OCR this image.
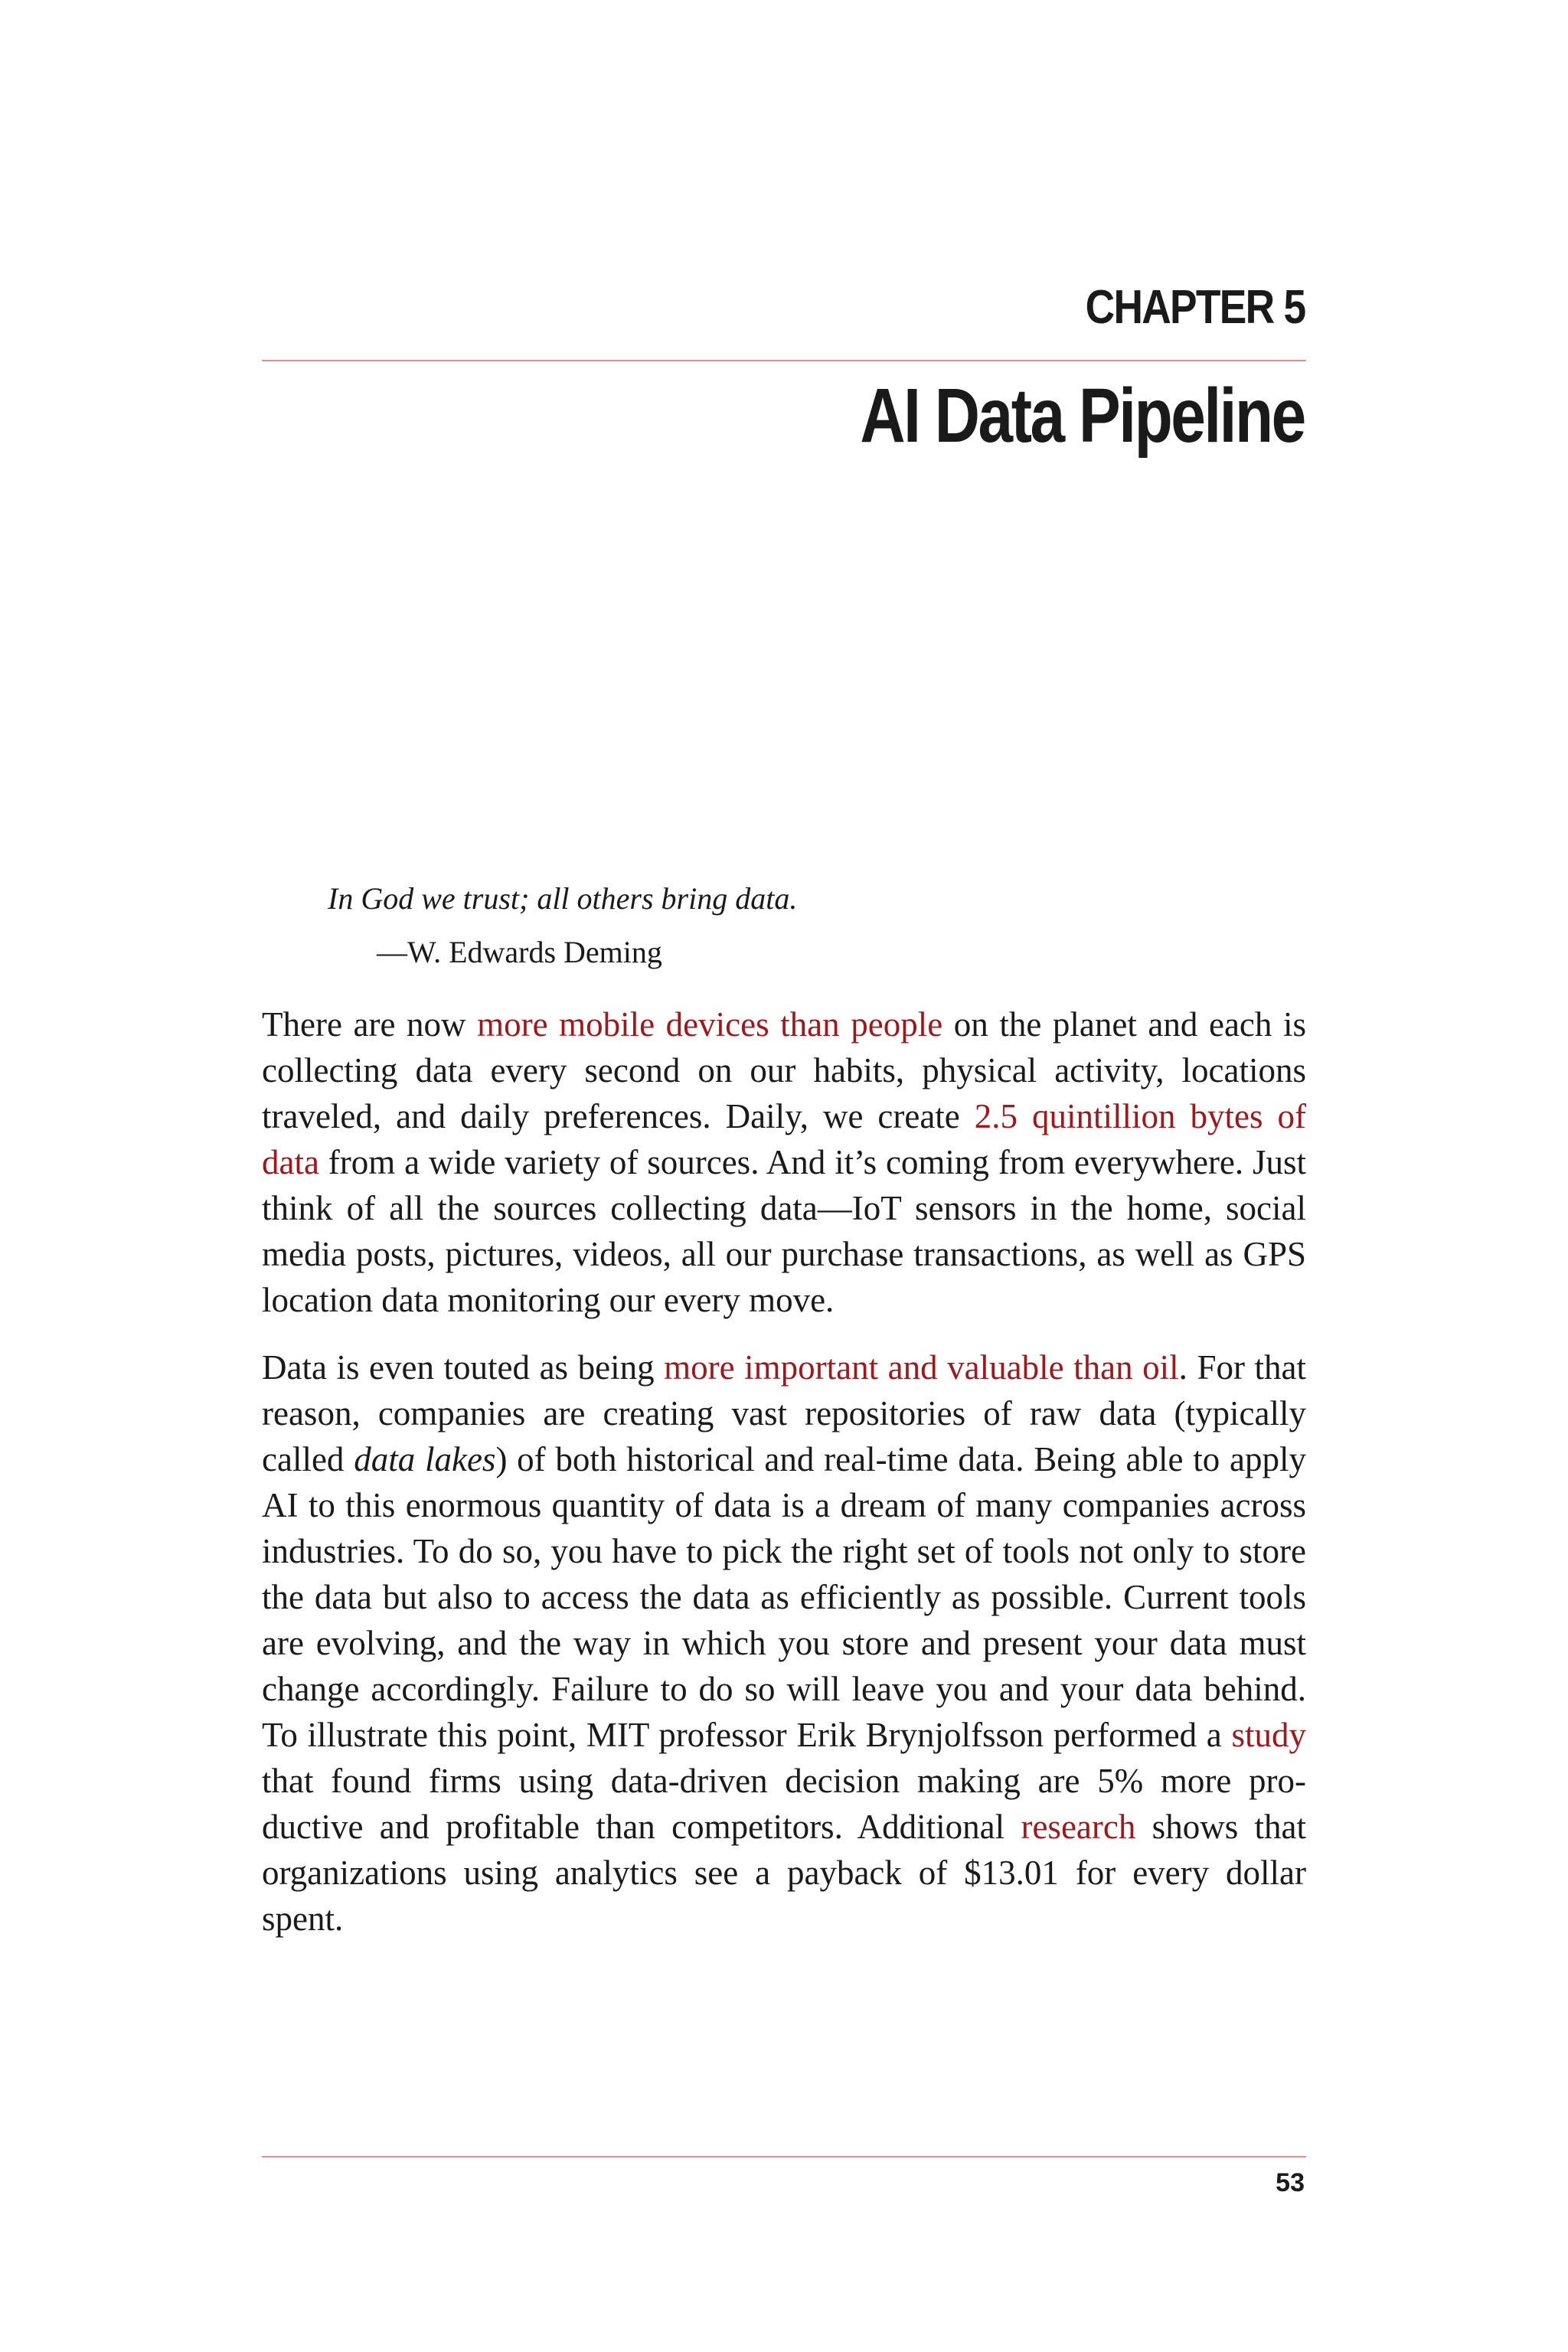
CHAPTER 5
AI Data Pipeline

In God we trust; all others bring data.

—W. Edwards Deming

There are now more mobile devices than people on the planet and each is collecting data every second on our habits, physical activity, locations traveled, and daily preferences. Daily, we create 2.5 quintillion bytes of data from a wide variety of sources. And it’s coming from everywhere. Just think of all the sources collecting data—IoT sensors in the home, social media posts, pictures, videos, all our purchase transactions, as well as GPS location data monitoring our every move.

Data is even touted as being more important and valuable than oil. For that reason, companies are creating vast repositories of raw data (typically called data lakes) of both historical and real-time data. Being able to apply AI to this enormous quantity of data is a dream of many companies across industries. To do so, you have to pick the right set of tools not only to store the data but also to access the data as efficiently as possible. Current tools are evolving, and the way in which you store and present your data must change accordingly. Failure to do so will leave you and your data behind. To illustrate this point, MIT professor Erik Brynjolfsson performed a study that found firms using data-driven decision making are 5% more productive and profitable than competitors. Additional research shows that organizations using analytics see a payback of $13.01 for every dollar spent.

53
